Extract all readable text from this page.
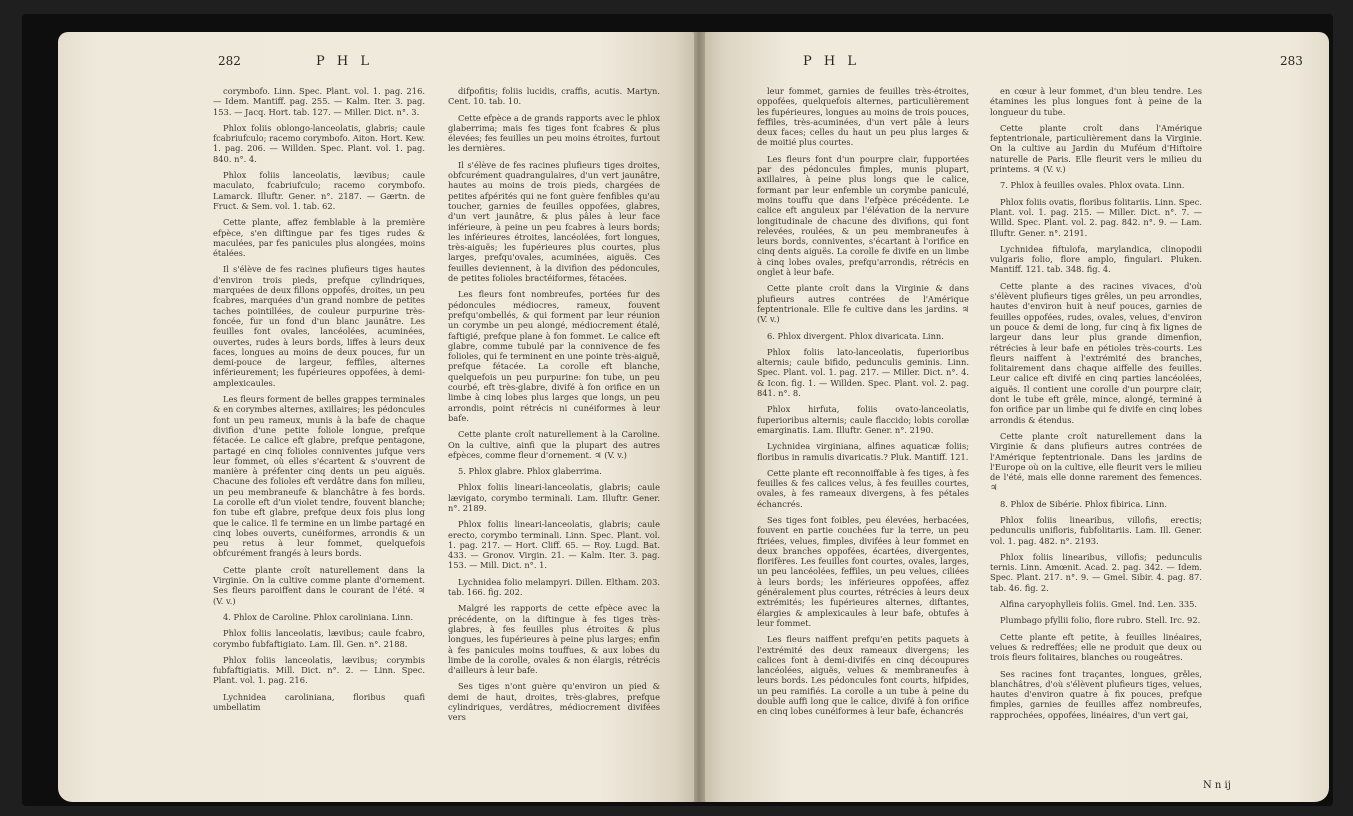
282	P H L

corymbofo. Linn. Spec. Plant. vol. 1. pag. 216. — Idem. Mantiff. pag. 255. — Kalm. Iter. 3. pag. 153. — Jacq. Hort. tab. 127. — Miller. Dict. n°. 3.

Phlox foliis oblongo-lanceolatis, glabris; caule fcabriufculo; racemo corymbofo. Aiton. Hort. Kew. 1. pag. 206. — Willden. Spec. Plant. vol. 1. pag. 840. n°. 4.

Phlox foliis lanceolatis, lævibus; caule maculato, fcabriufculo; racemo corymbofo. Lamarck. Illuftr. Gener. n°. 2187. — Gærtn. de Fruct. & Sem. vol. 1. tab. 62.

Cette plante, affez femblable à la première efpèce, s'en diftingue par fes tiges rudes & maculées, par fes panicules plus alongées, moins étalées.

Il s'élève de fes racines plufieurs tiges hautes d'environ trois pieds, prefque cylindriques, marquées de deux fillons oppofés, droites, un peu fcabres, marquées d'un grand nombre de petites taches pointillées, de couleur purpurine très-foncée, fur un fond d'un blanc jaunâtre. Les feuilles font ovales, lancéolées, acuminées, ouvertes, rudes à leurs bords, liffes à leurs deux faces, longues au moins de deux pouces, fur un demi-pouce de largeur, feffiles, alternes inférieurement; les fupérieures oppofées, à demi-amplexicaules.

Les fleurs forment de belles grappes terminales & en corymbes alternes, axillaires; les pédoncules font un peu rameux, munis à la bafe de chaque divifion d'une petite foliole longue, prefque fétacée. Le calice eft glabre, prefque pentagone, partagé en cinq folioles conniventes jufque vers leur fommet, où elles s'écartent & s'ouvrent de manière à préfenter cinq dents un peu aiguës. Chacune des folioles eft verdâtre dans fon milieu, un peu membraneufe & blanchâtre à fes bords. La corolle eft d'un violet tendre, fouvent blanche; fon tube eft glabre, prefque deux fois plus long que le calice. Il fe termine en un limbe partagé en cinq lobes ouverts, cunéiformes, arrondis & un peu retus à leur fommet, quelquefois obfcurément frangés à leurs bords.

Cette plante croît naturellement dans la Virginie. On la cultive comme plante d'ornement. Ses fleurs paroiffent dans le courant de l'été. ♃ (V. v.)

4. Phlox de Caroline. Phlox caroliniana. Linn.

Phlox foliis lanceolatis, lævibus; caule fcabro, corymbo fubfaftigiato. Lam. Ill. Gen. n°. 2188.

Phlox foliis lanceolatis, lævibus; corymbis fubfaftigiatis. Mill. Dict. n°. 2. — Linn. Spec. Plant. vol. 1. pag. 216.

Lychnidea caroliniana, floribus quafi umbellatim

difpofitis; foliis lucidis, craffis, acutis. Martyn. Cent. 10. tab. 10.

Cette efpèce a de grands rapports avec le phlox glaberrima; mais fes tiges font fcabres & plus élevées; fes feuilles un peu moins étroites, furtout les dernières.

Il s'élève de fes racines plufieurs tiges droites, obfcurément quadrangulaires, d'un vert jaunâtre, hautes au moins de trois pieds, chargées de petites afpérités qui ne font guère fenfibles qu'au toucher, garnies de feuilles oppofées, glabres, d'un vert jaunâtre, & plus pâles à leur face inférieure, à peine un peu fcabres à leurs bords; les inférieures étroites, lancéolées, fort longues, très-aiguës; les fupérieures plus courtes, plus larges, prefqu'ovales, acuminées, aiguës. Ces feuilles deviennent, à la divifion des pédoncules, de petites folioles bractéiformes, fétacées.

Les fleurs font nombreufes, portées fur des pédoncules médiocres, rameux, fouvent prefqu'ombellés, & qui forment par leur réunion un corymbe un peu alongé, médiocrement étalé, faftigié, prefque plane à fon fommet. Le calice eft glabre, comme tubulé par la connivence de fes folioles, qui fe terminent en une pointe très-aiguë, prefque fétacée. La corolle eft blanche, quelquefois un peu purpurine: fon tube, un peu courbé, eft très-glabre, divifé à fon orifice en un limbe à cinq lobes plus larges que longs, un peu arrondis, point rétrécis ni cunéiformes à leur bafe.

Cette plante croît naturellement à la Caroline. On la cultive, ainfi que la plupart des autres efpèces, comme fleur d'ornement. ♃ (V. v.)

5. Phlox glabre. Phlox glaberrima.

Phlox foliis lineari-lanceolatis, glabris; caule lævigato, corymbo terminali. Lam. Illuftr. Gener. n°. 2189.

Phlox foliis lineari-lanceolatis, glabris; caule erecto, corymbo terminali. Linn. Spec. Plant. vol. 1. pag. 217. — Hort. Cliff. 65. — Roy. Lugd. Bat. 433. — Gronov. Virgin. 21. — Kalm. Iter. 3. pag. 153. — Mill. Dict. n°. 1.

Lychnidea folio melampyri. Dillen. Eltham. 203. tab. 166. fig. 202.

Malgré les rapports de cette efpèce avec la précédente, on la diftingue à fes tiges très-glabres, à fes feuilles plus étroites & plus longues, les fupérieures à peine plus larges; enfin à fes panicules moins touffues, & aux lobes du limbe de la corolle, ovales & non élargis, rétrécis d'ailleurs à leur bafe.

Ses tiges n'ont guère qu'environ un pied & demi de haut, droites, très-glabres, prefque cylindriques, verdâtres, médiocrement divifées vers

P H L	283

leur fommet, garnies de feuilles très-étroites, oppofées, quelquefois alternes, particulièrement les fupérieures, longues au moins de trois pouces, feffiles, très-acuminées, d'un vert pâle à leurs deux faces; celles du haut un peu plus larges & de moitié plus courtes.

Les fleurs font d'un pourpre clair, fupportées par des pédoncules fimples, munis plupart, axillaires, à peine plus longs que le calice, formant par leur enfemble un corymbe paniculé, moins touffu que dans l'efpèce précédente. Le calice eft anguleux par l'élévation de la nervure longitudinale de chacune des divifions, qui font relevées, roulées, & un peu membraneufes à leurs bords, conniventes, s'écartant à l'orifice en cinq dents aiguës. La corolle fe divife en un limbe à cinq lobes ovales, prefqu'arrondis, rétrécis en onglet à leur bafe.

Cette plante croît dans la Virginie & dans plufieurs autres contrées de l'Amérique feptentrionale. Elle fe cultive dans les jardins. ♃ (V. v.)

6. Phlox divergent. Phlox divaricata. Linn.

Phlox foliis lato-lanceolatis, fuperioribus alternis; caule bifido, pedunculis geminis. Linn. Spec. Plant. vol. 1. pag. 217. — Miller. Dict. n°. 4. & Icon. fig. 1. — Willden. Spec. Plant. vol. 2. pag. 841. n°. 8.

Phlox hirfuta, foliis ovato-lanceolatis, fuperioribus alternis; caule flaccido; lobis corollæ emarginatis. Lam. Illuftr. Gener. n°. 2190.

Lychnidea virginiana, alfines aquaticæ foliis; floribus in ramulis divaricatis.? Pluk. Mantiff. 121.

Cette plante eft reconnoiffable à fes tiges, à fes feuilles & fes calices velus, à fes feuilles courtes, ovales, à fes rameaux divergens, à fes pétales échancrés.

Ses tiges font foibles, peu élevées, herbacées, fouvent en partie couchées fur la terre, un peu ftriées, velues, fimples, divifées à leur fommet en deux branches oppofées, écartées, divergentes, florifères. Les feuilles font courtes, ovales, larges, un peu lancéolées, feffiles, un peu velues, ciliées à leurs bords; les inférieures oppofées, affez généralement plus courtes, rétrécies à leurs deux extrémités; les fupérieures alternes, diftantes, élargies & amplexicaules à leur bafe, obtufes à leur fommet.

Les fleurs naiffent prefqu'en petits paquets à l'extrémité des deux rameaux divergens; les calices font à demi-divifés en cinq découpures lancéolées, aiguës, velues & membraneufes à leurs bords. Les pédoncules font courts, hifpides, un peu ramifiés. La corolle a un tube à peine du double auffi long que le calice, divifé à fon orifice en cinq lobes cunéiformes à leur bafe, échancrés

en cœur à leur fommet, d'un bleu tendre. Les étamines les plus longues font à peine de la longueur du tube.

Cette plante croît dans l'Amérique feptentrionale, particulièrement dans la Virginie. On la cultive au Jardin du Muféum d'Hiftoire naturelle de Paris. Elle fleurit vers le milieu du printems. ♃ (V. v.)

7. Phlox à feuilles ovales. Phlox ovata. Linn.

Phlox foliis ovatis, floribus folitariis. Linn. Spec. Plant. vol. 1. pag. 215. — Miller. Dict. n°. 7. — Willd. Spec. Plant. vol. 2. pag. 842. n°. 9. — Lam. Illuftr. Gener. n°. 2191.

Lychnidea fiftulofa, marylandica, clinopodii vulgaris folio, flore amplo, fingulari. Pluken. Mantiff. 121. tab. 348. fig. 4.

Cette plante a des racines vivaces, d'où s'élèvent plufieurs tiges grêles, un peu arrondies, hautes d'environ huit à neuf pouces, garnies de feuilles oppofées, rudes, ovales, velues, d'environ un pouce & demi de long, fur cinq à fix lignes de largeur dans leur plus grande dimenfion, rétrécies à leur bafe en pétioles très-courts. Les fleurs naiffent à l'extrémité des branches, folitairement dans chaque aiffelle des feuilles. Leur calice eft divifé en cinq parties lancéolées, aiguës. Il contient une corolle d'un pourpre clair, dont le tube eft grêle, mince, alongé, terminé à fon orifice par un limbe qui fe divife en cinq lobes arrondis & étendus.

Cette plante croît naturellement dans la Virginie & dans plufieurs autres contrées de l'Amérique feptentrionale. Dans les jardins de l'Europe où on la cultive, elle fleurit vers le milieu de l'été, mais elle donne rarement des femences. ♃

8. Phlox de Sibérie. Phlox fibirica. Linn.

Phlox foliis linearibus, villofis, erectis; pedunculis unifloris, fubfolitariis. Lam. Ill. Gener. vol. 1. pag. 482. n°. 2193.

Phlox foliis linearibus, villofis; pedunculis ternis. Linn. Amœnit. Acad. 2. pag. 342. — Idem. Spec. Plant. 217. n°. 9. — Gmel. Sibir. 4. pag. 87. tab. 46. fig. 2.

Alfina caryophylleis foliis. Gmel. Ind. Len. 335.

Plumbago pfyllii folio, flore rubro. Stell. Irc. 92.

Cette plante eft petite, à feuilles linéaires, velues & redreffées; elle ne produit que deux ou trois fleurs folitaires, blanches ou rougeâtres.

Ses racines font traçantes, longues, grêles, blanchâtres, d'où s'élèvent plufieurs tiges, velues, hautes d'environ quatre à fix pouces, prefque fimples, garnies de feuilles affez nombreufes, rapprochées, oppofées, linéaires, d'un vert gai,

N n ij
